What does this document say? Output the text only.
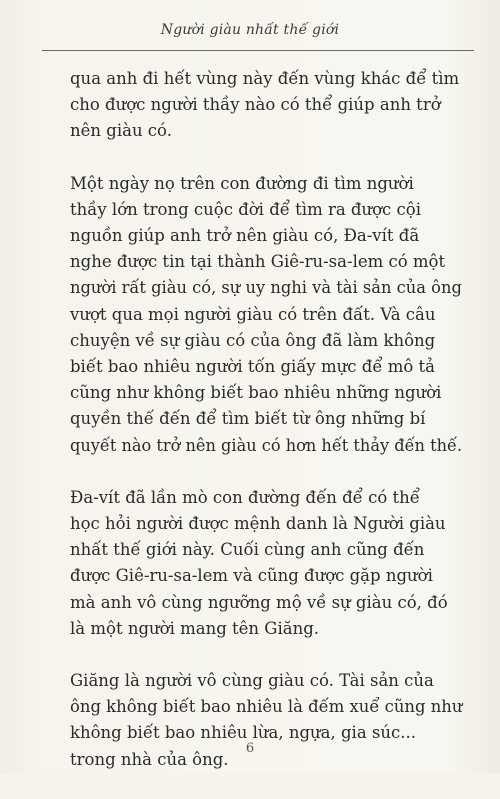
Người giàu nhất thế giới

qua anh đi hết vùng này đến vùng khác để tìm
cho được người thầy nào có thể giúp anh trở
nên giàu có.

Một ngày nọ trên con đường đi tìm người
thầy lớn trong cuộc đời để tìm ra được cội
nguồn giúp anh trở nên giàu có, Đa-vít đã
nghe được tin tại thành Giê-ru-sa-lem có một
người rất giàu có, sự uy nghi và tài sản của ông
vượt qua mọi người giàu có trên đất. Và câu
chuyện về sự giàu có của ông đã làm không
biết bao nhiêu người tốn giấy mực để mô tả
cũng như không biết bao nhiêu những người
quyền thế đến để tìm biết từ ông những bí
quyết nào trở nên giàu có hơn hết thảy đến thế.

Đa-vít đã lần mò con đường đến để có thể
học hỏi người được mệnh danh là Người giàu
nhất thế giới này. Cuối cùng anh cũng đến
được Giê-ru-sa-lem và cũng được gặp người
mà anh vô cùng ngưỡng mộ về sự giàu có, đó
là một người mang tên Giăng.

Giăng là người vô cùng giàu có. Tài sản của
ông không biết bao nhiêu là đếm xuể cũng như
không biết bao nhiêu lừa, ngựa, gia súc...
trong nhà của ông.

6
